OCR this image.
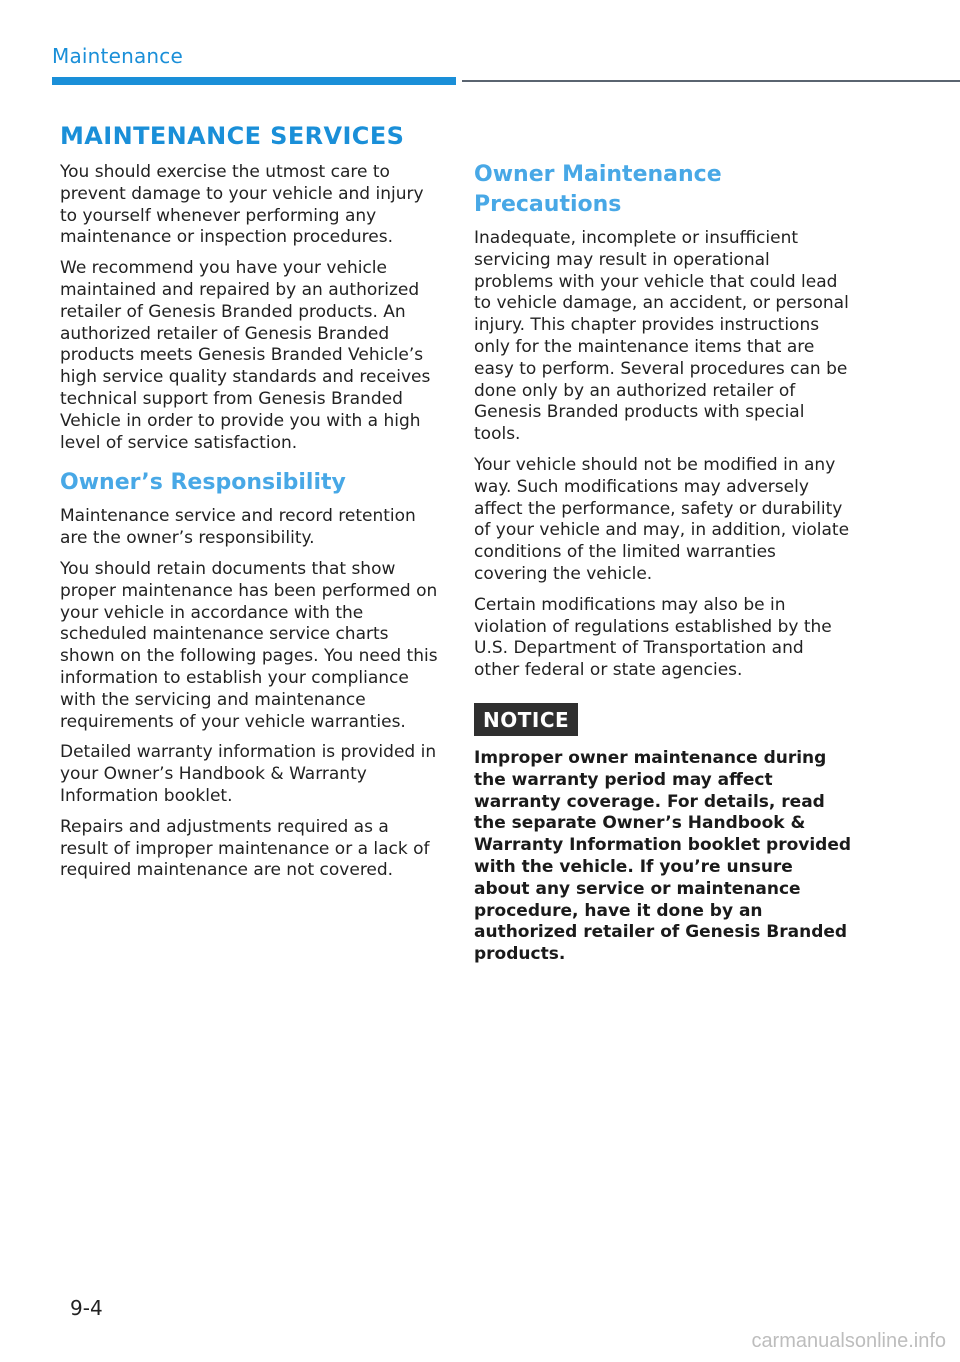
Maintenance
MAINTENANCE SERVICES

You should exercise the utmost care to prevent damage to your vehicle and injury to yourself whenever performing any maintenance or inspection procedures.

We recommend you have your vehicle maintained and repaired by an authorized retailer of Genesis Branded products. An authorized retailer of Genesis Branded products meets Genesis Branded Vehicle’s high service quality standards and receives technical support from Genesis Branded Vehicle in order to provide you with a high level of service satisfaction.

Owner’s Responsibility

Maintenance service and record retention are the owner’s responsibility.

You should retain documents that show proper maintenance has been performed on your vehicle in accordance with the scheduled maintenance service charts shown on the following pages. You need this information to establish your compliance with the servicing and maintenance requirements of your vehicle warranties.

Detailed warranty information is provided in your Owner’s Handbook & Warranty Information booklet.

Repairs and adjustments required as a result of improper maintenance or a lack of required maintenance are not covered.

Owner Maintenance Precautions

Inadequate, incomplete or insufficient servicing may result in operational problems with your vehicle that could lead to vehicle damage, an accident, or personal injury. This chapter provides instructions only for the maintenance items that are easy to perform. Several procedures can be done only by an authorized retailer of Genesis Branded products with special tools.

Your vehicle should not be modified in any way. Such modifications may adversely affect the performance, safety or durability of your vehicle and may, in addition, violate conditions of the limited warranties covering the vehicle.

Certain modifications may also be in violation of regulations established by the U.S. Department of Transportation and other federal or state agencies.

NOTICE

Improper owner maintenance during the warranty period may affect warranty coverage. For details, read the separate Owner’s Handbook & Warranty Information booklet provided with the vehicle. If you’re unsure about any service or maintenance procedure, have it done by an authorized retailer of Genesis Branded products.

9-4
carmanualsonline.info
